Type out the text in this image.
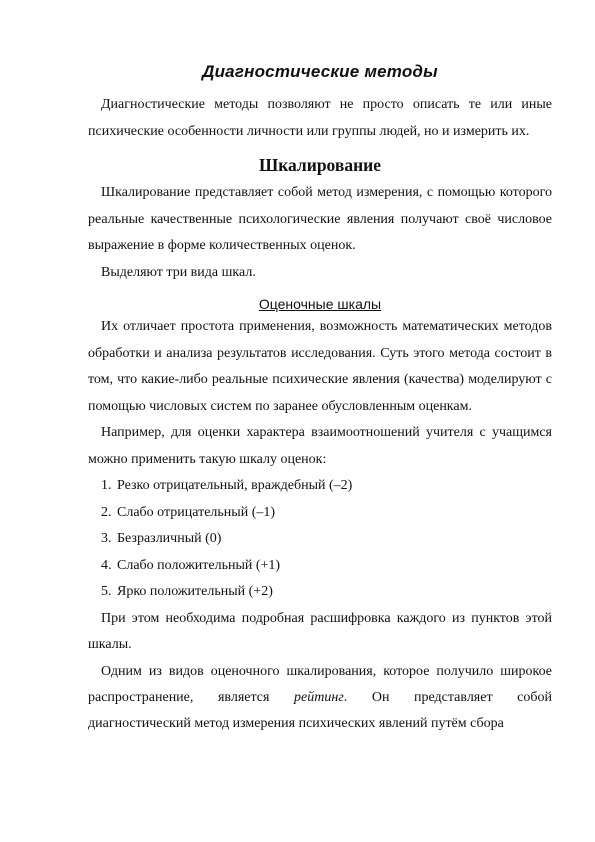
Диагностические методы

Диагностические методы позволяют не просто описать те или иные психические особенности личности или группы людей, но и измерить их.

Шкалирование

Шкалирование представляет собой метод измерения, с помощью которого реальные качественные психологические явления получают своё числовое выражение в форме количественных оценок.

Выделяют три вида шкал.

Оценочные шкалы

Их отличает простота применения, возможность математических методов обработки и анализа результатов исследования. Суть этого метода состоит в том, что какие-либо реальные психические явления (качества) моделируют с помощью числовых систем по заранее обусловленным оценкам.

Например, для оценки характера взаимоотношений учителя с учащимся можно применить такую шкалу оценок:

1. Резко отрицательный, враждебный (–2)
2. Слабо отрицательный (–1)
3. Безразличный (0)
4. Слабо положительный (+1)
5. Ярко положительный (+2)

При этом необходима подробная расшифровка каждого из пунктов этой шкалы.

Одним из видов оценочного шкалирования, которое получило широкое распространение, является рейтинг. Он представляет собой диагностический метод измерения психических явлений путём сбора
